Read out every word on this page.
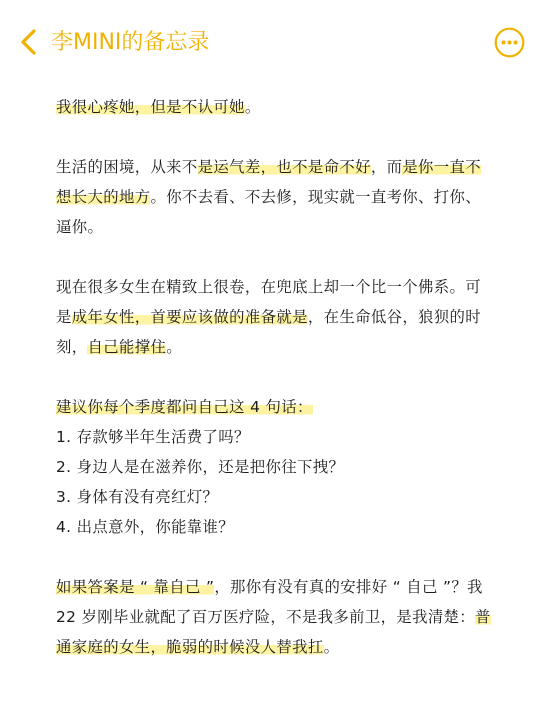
李MINI的备忘录

我很心疼她，但是不认可她。

生活的困境，从来不是运气差，也不是命不好，而是你一直不想长大的地方。你不去看、不去修，现实就一直考你、打你、逼你。

现在很多女生在精致上很卷，在兜底上却一个比一个佛系。可是成年女性，首要应该做的准备就是，在生命低谷，狼狈的时刻，自己能撑住。

建议你每个季度都问自己这 4 句话：

1. 存款够半年生活费了吗？

2. 身边人是在滋养你，还是把你往下拽？

3. 身体有没有亮红灯？

4. 出点意外，你能靠谁？

如果答案是 “ 靠自己 ”，那你有没有真的安排好 “ 自己 ”？我 22 岁刚毕业就配了百万医疗险，不是我多前卫，是我清楚：普通家庭的女生，脆弱的时候没人替我扛。
